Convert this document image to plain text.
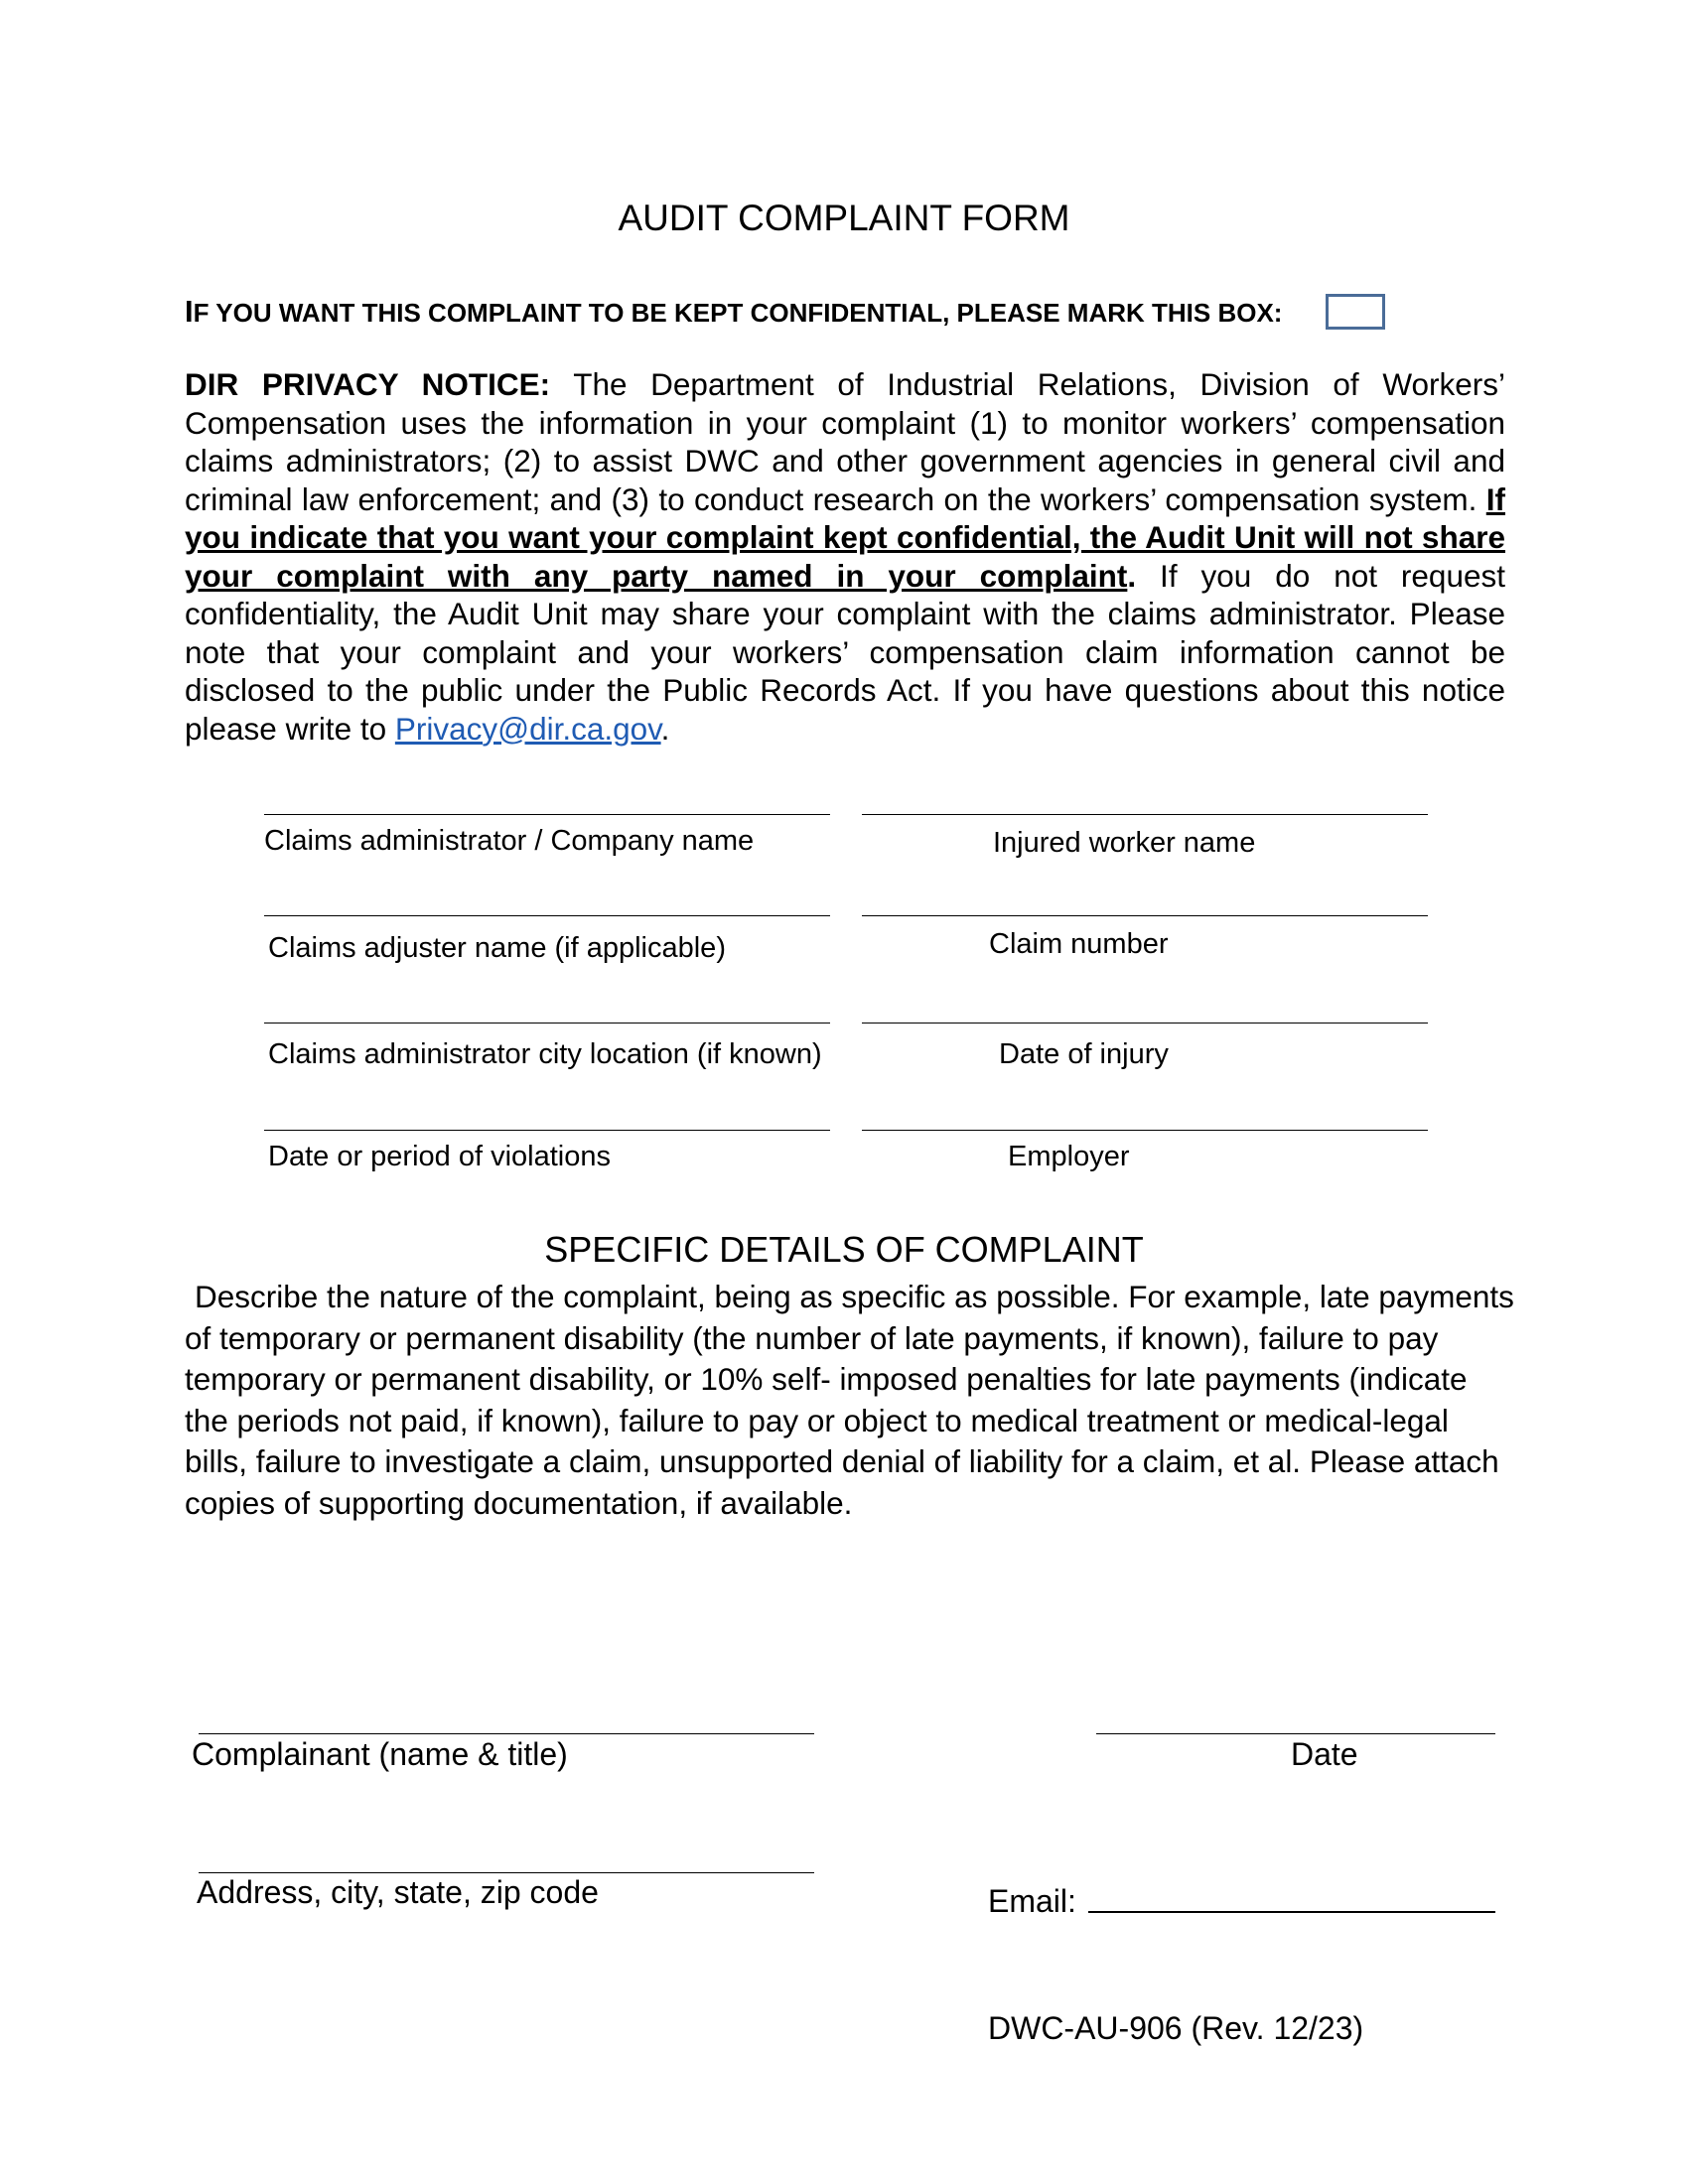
AUDIT COMPLAINT FORM
IF YOU WANT THIS COMPLAINT TO BE KEPT CONFIDENTIAL, PLEASE MARK THIS BOX:

DIR PRIVACY NOTICE: The Department of Industrial Relations, Division of Workers’ Compensation uses the information in your complaint (1) to monitor workers’ compensation claims administrators; (2) to assist DWC and other government agencies in general civil and criminal law enforcement; and (3) to conduct research on the workers’ compensation system. If you indicate that you want your complaint kept confidential, the Audit Unit will not share your complaint with any party named in your complaint. If you do not request confidentiality, the Audit Unit may share your complaint with the claims administrator. Please note that your complaint and your workers’ compensation claim information cannot be disclosed to the public under the Public Records Act. If you have questions about this notice please write to Privacy@dir.ca.gov.

Claims administrator / Company name	Injured worker name
Claims adjuster name (if applicable)	Claim number
Claims administrator city location (if known)	Date of injury
Date or period of violations	Employer
SPECIFIC DETAILS OF COMPLAINT

Describe the nature of the complaint, being as specific as possible. For example, late payments of temporary or permanent disability (the number of late payments, if known), failure to pay temporary or permanent disability, or 10% self- imposed penalties for late payments (indicate the periods not paid, if known), failure to pay or object to medical treatment or medical-legal bills, failure to investigate a claim, unsupported denial of liability for a claim, et al. Please attach copies of supporting documentation, if available.

Complainant (name & title)	Date
Address, city, state, zip code	Email:
DWC-AU-906 (Rev. 12/23)
